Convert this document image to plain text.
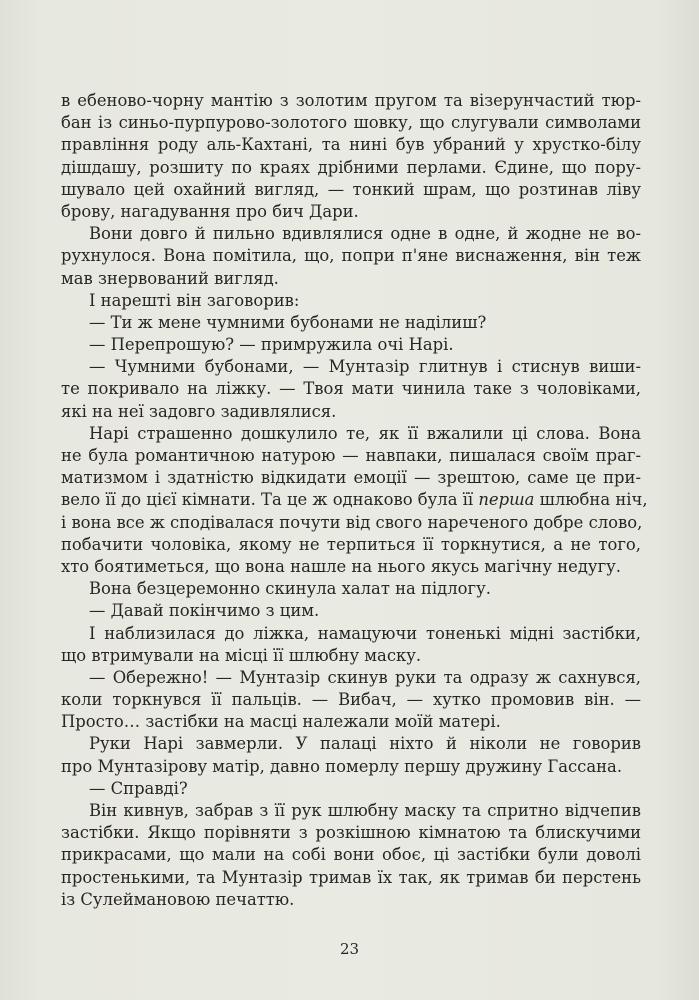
в ебеново-чорну мантію з золотим пругом та візерунчастий тюр-
бан із синьо-пурпурово-золотого шовку, що слугували символами
правління роду аль-Кахтані, та нині був убраний у хрустко-білу
дішдашу, розшиту по краях дрібними перлами. Єдине, що пору-
шувало цей охайний вигляд, — тонкий шрам, що розтинав ліву
брову, нагадування про бич Дари.
Вони довго й пильно вдивлялися одне в одне, й жодне не во-
рухнулося. Вона помітила, що, попри п'яне виснаження, він теж
мав знервований вигляд.
І нарешті він заговорив:
— Ти ж мене чумними бубонами не наділиш?
— Перепрошую? — примружила очі Нарі.
— Чумними бубонами, — Мунтазір глитнув і стиснув виши-
те покривало на ліжку. — Твоя мати чинила таке з чоловіками,
які на неї задовго задивлялися.
Нарі страшенно дошкулило те, як її вжалили ці слова. Вона
не була романтичною натурою — навпаки, пишалася своїм праг-
матизмом і здатністю відкидати емоції — зрештою, саме це при-
вело її до цієї кімнати. Та це ж однаково була її перша шлюбна ніч,
і вона все ж сподівалася почути від свого нареченого добре слово,
побачити чоловіка, якому не терпиться її торкнутися, а не того,
хто боятиметься, що вона нашле на нього якусь магічну недугу.
Вона безцеремонно скинула халат на підлогу.
— Давай покінчимо з цим.
І наблизилася до ліжка, намацуючи тоненькі мідні застібки,
що втримували на місці її шлюбну маску.
— Обережно! — Мунтазір скинув руки та одразу ж сахнувся,
коли торкнувся її пальців. — Вибач, — хутко промовив він. —
Просто… застібки на масці належали моїй матері.
Руки Нарі завмерли. У палаці ніхто й ніколи не говорив
про Мунтазірову матір, давно померлу першу дружину Гассана.
— Справді?
Він кивнув, забрав з її рук шлюбну маску та спритно відчепив
застібки. Якщо порівняти з розкішною кімнатою та блискучими
прикрасами, що мали на собі вони обоє, ці застібки були доволі
простенькими, та Мунтазір тримав їх так, як тримав би перстень
із Сулеймановою печаттю.
23
